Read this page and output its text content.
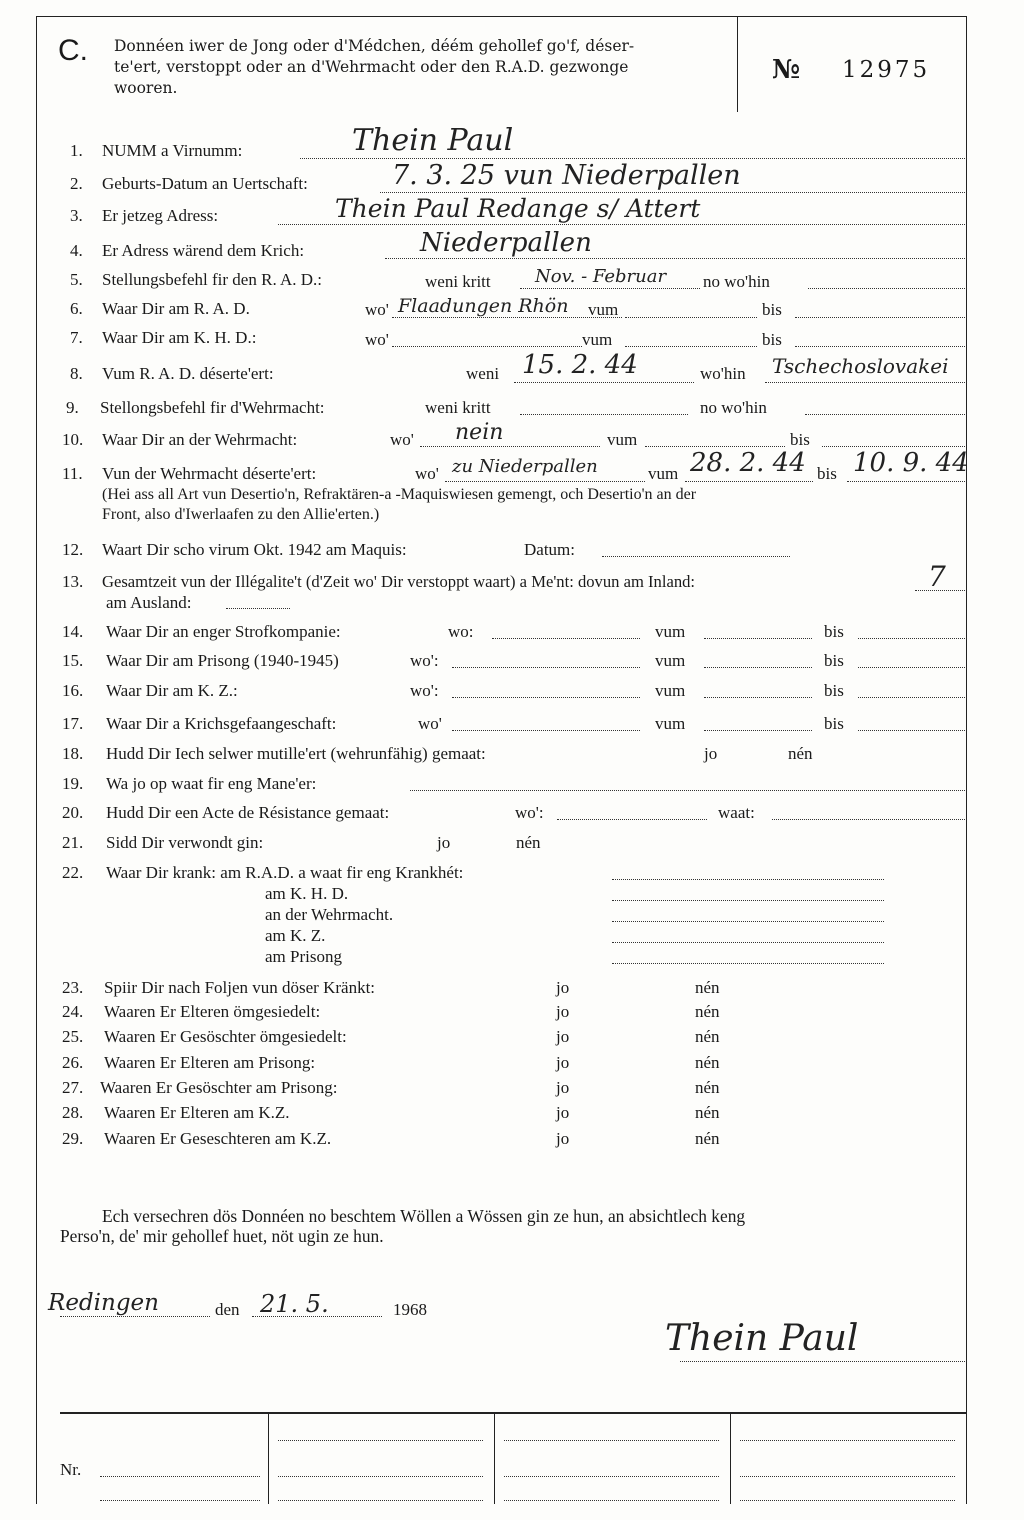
C. Donnéen iwer de Jong oder d'Médchen, déém gehollef go'f, déser-
te'ert, verstoppt oder an d'Wehrmacht oder den R.A.D. gezwonge
wooren.
№ 12975
1. NUMM a Virnumm:	Thein Paul
2. Geburts-Datum an Uertschaft:	7. 3. 25 vun Niederpallen
3. Er jetzeg Adress:	Thein Paul Redange s/ Attert
4. Er Adress wärend dem Krich:	Niederpallen
5. Stellungsbefehl fir den R. A. D.:	weni kritt Nov. - Februar no wo'hin
6. Waar Dir am R. A. D.	wo' Flaadungen Rhön vum	bis
7. Waar Dir am K. H. D.:	wo'	vum	bis
8. Vum R. A. D. déserte'ert:	weni 15. 2. 44	wo'hin Tschechoslovakei
9. Stellongsbefehl fir d'Wehrmacht:	weni kritt	no wo'hin
10. Waar Dir an der Wehrmacht:	wo' nein	vum	bis
11. Vun der Wehrmacht déserte'ert:	wo' zu Niederpallen	vum 28. 2. 44 bis 10. 9. 44
(Hei ass all Art vun Desertio'n, Refraktären-a -Maquiswiesen gemengt, och Desertio'n an der
Front, also d'Iwerlaafen zu den Allie'erten.)
12. Waart Dir scho virum Okt. 1942 am Maquis:	Datum:
13. Gesamtzeit vun der Illégalite't (d'Zeit wo' Dir verstoppt waart) a Me'nt: dovun am Inland:	7
am Ausland:
14. Waar Dir an enger Strofkompanie:	wo:	vum	bis
15. Waar Dir am Prisong (1940-1945)	wo':	vum	bis
16. Waar Dir am K. Z.:	wo':	vum	bis
17. Waar Dir a Krichsgefaangeschaft:	wo'	vum	bis
18. Hudd Dir Iech selwer mutille'ert (wehrunfähig) gemaat:	jo	nén
19. Wa jo op waat fir eng Mane'er:
20. Hudd Dir een Acte de Résistance gemaat:	wo':	waat:
21. Sidd Dir verwondt gin:	jo	nén
22. Waar Dir krank: am R.A.D. a waat fir eng Krankhét:
am K. H. D.
an der Wehrmacht.
am K. Z.
am Prisong
23. Spiir Dir nach Foljen vun döser Kränkt:	jo	nén
24. Waaren Er Elteren ömgesiedelt:	jo	nén
25. Waaren Er Gesöschter ömgesiedelt:	jo	nén
26. Waaren Er Elteren am Prisong:	jo	nén
27. Waaren Er Gesöschter am Prisong:	jo	nén
28. Waaren Er Elteren am K.Z.	jo	nén
29. Waaren Er Geseschteren am K.Z.	jo	nén
Ech versechren dös Donnéen no beschtem Wöllen a Wössen gin ze hun, an absichtlech keng
Perso'n, de' mir gehollef huet, nöt ugin ze hun.
Redingen	den 21. 5.	1968
Thein Paul
Nr.
